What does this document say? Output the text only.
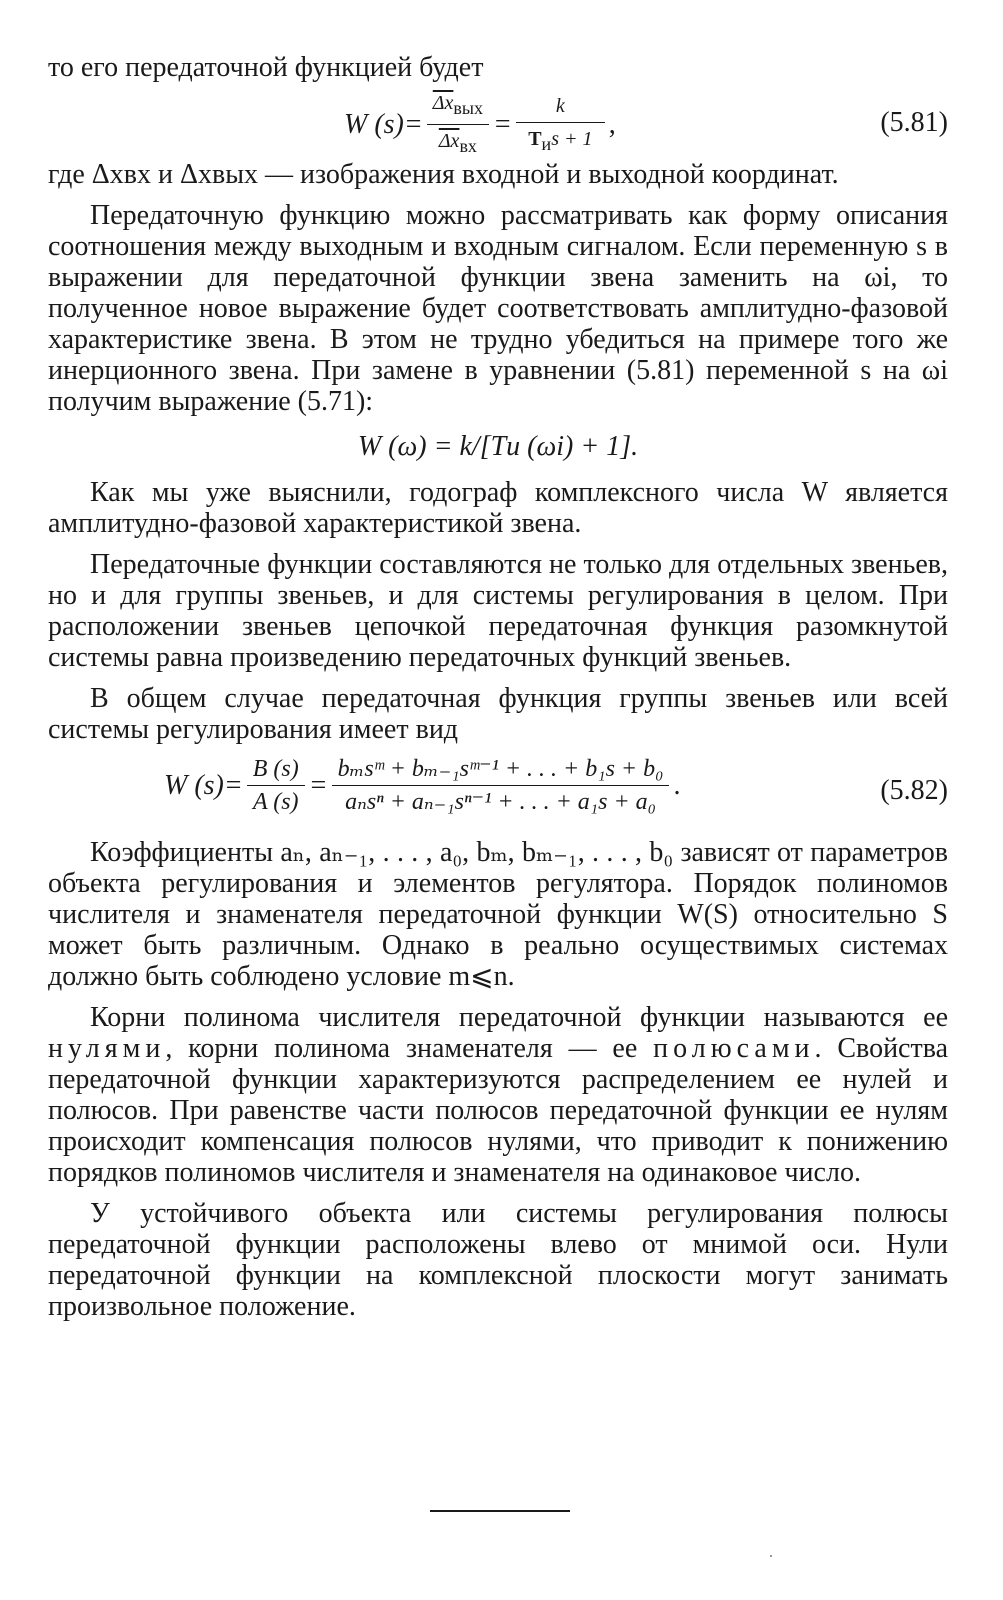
то его передаточной функцией будет

W $(s)= \frac{\overline{\Delta x}вых}{\overline{\Delta x}вх} = \frac{k}{\text{Tиs + 1}}$ ,	(5.81)

где Δxвх и Δxвых — изображения входной и выходной координат.

Передаточную функцию можно рассматривать как форму описания соотношения между выходным и входным сигналом. Если переменную s в выражении для передаточной функции звена заменить на ωi, то полученное новое выражение будет соответствовать амплитудно-фазовой характеристике звена. В этом не трудно убедиться на примере того же инерционного звена. При замене в уравнении (5.81) переменной s на ωi получим выражение (5.71):

W (ω) = k/[Tи (ωi) + 1].

Как мы уже выяснили, годограф комплексного числа W является амплитудно-фазовой характеристикой звена.

Передаточные функции составляются не только для отдельных звеньев, но и для группы звеньев, и для системы регулирования в целом. При расположении звеньев цепочкой передаточная функция разомкнутой системы равна произведению передаточных функций звеньев.

В общем случае передаточная функция группы звеньев или всей системы регулирования имеет вид

W $(s)= \frac{B (s)}{A (s)} = \frac{\text{bₘsᵐ + bₘ₋₁sᵐ⁻¹ + . . . + b₁s + b₀}}{\text{aₙsⁿ + aₙ₋₁sⁿ⁻¹ + . . . + a₁s + a₀}}$ .	(5.82)

Коэффициенты aₙ, aₙ₋₁, . . . , a₀, bₘ, bₘ₋₁, . . . , b₀ зависят от параметров объекта регулирования и элементов регулятора. Порядок полиномов числителя и знаменателя передаточной функции W(S) относительно S может быть различным. Однако в реально осуществимых системах должно быть соблюдено условие m⩽n.

Корни полинома числителя передаточной функции называются ее нулями, корни полинома знаменателя — ее полюсами. Свойства передаточной функции характеризуются распределением ее нулей и полюсов. При равенстве части полюсов передаточной функции ее нулям происходит компенсация полюсов нулями, что приводит к понижению порядков полиномов числителя и знаменателя на одинаковое число.

У устойчивого объекта или системы регулирования полюсы передаточной функции расположены влево от мнимой оси. Нули передаточной функции на комплексной плоскости могут занимать произвольное положение.
